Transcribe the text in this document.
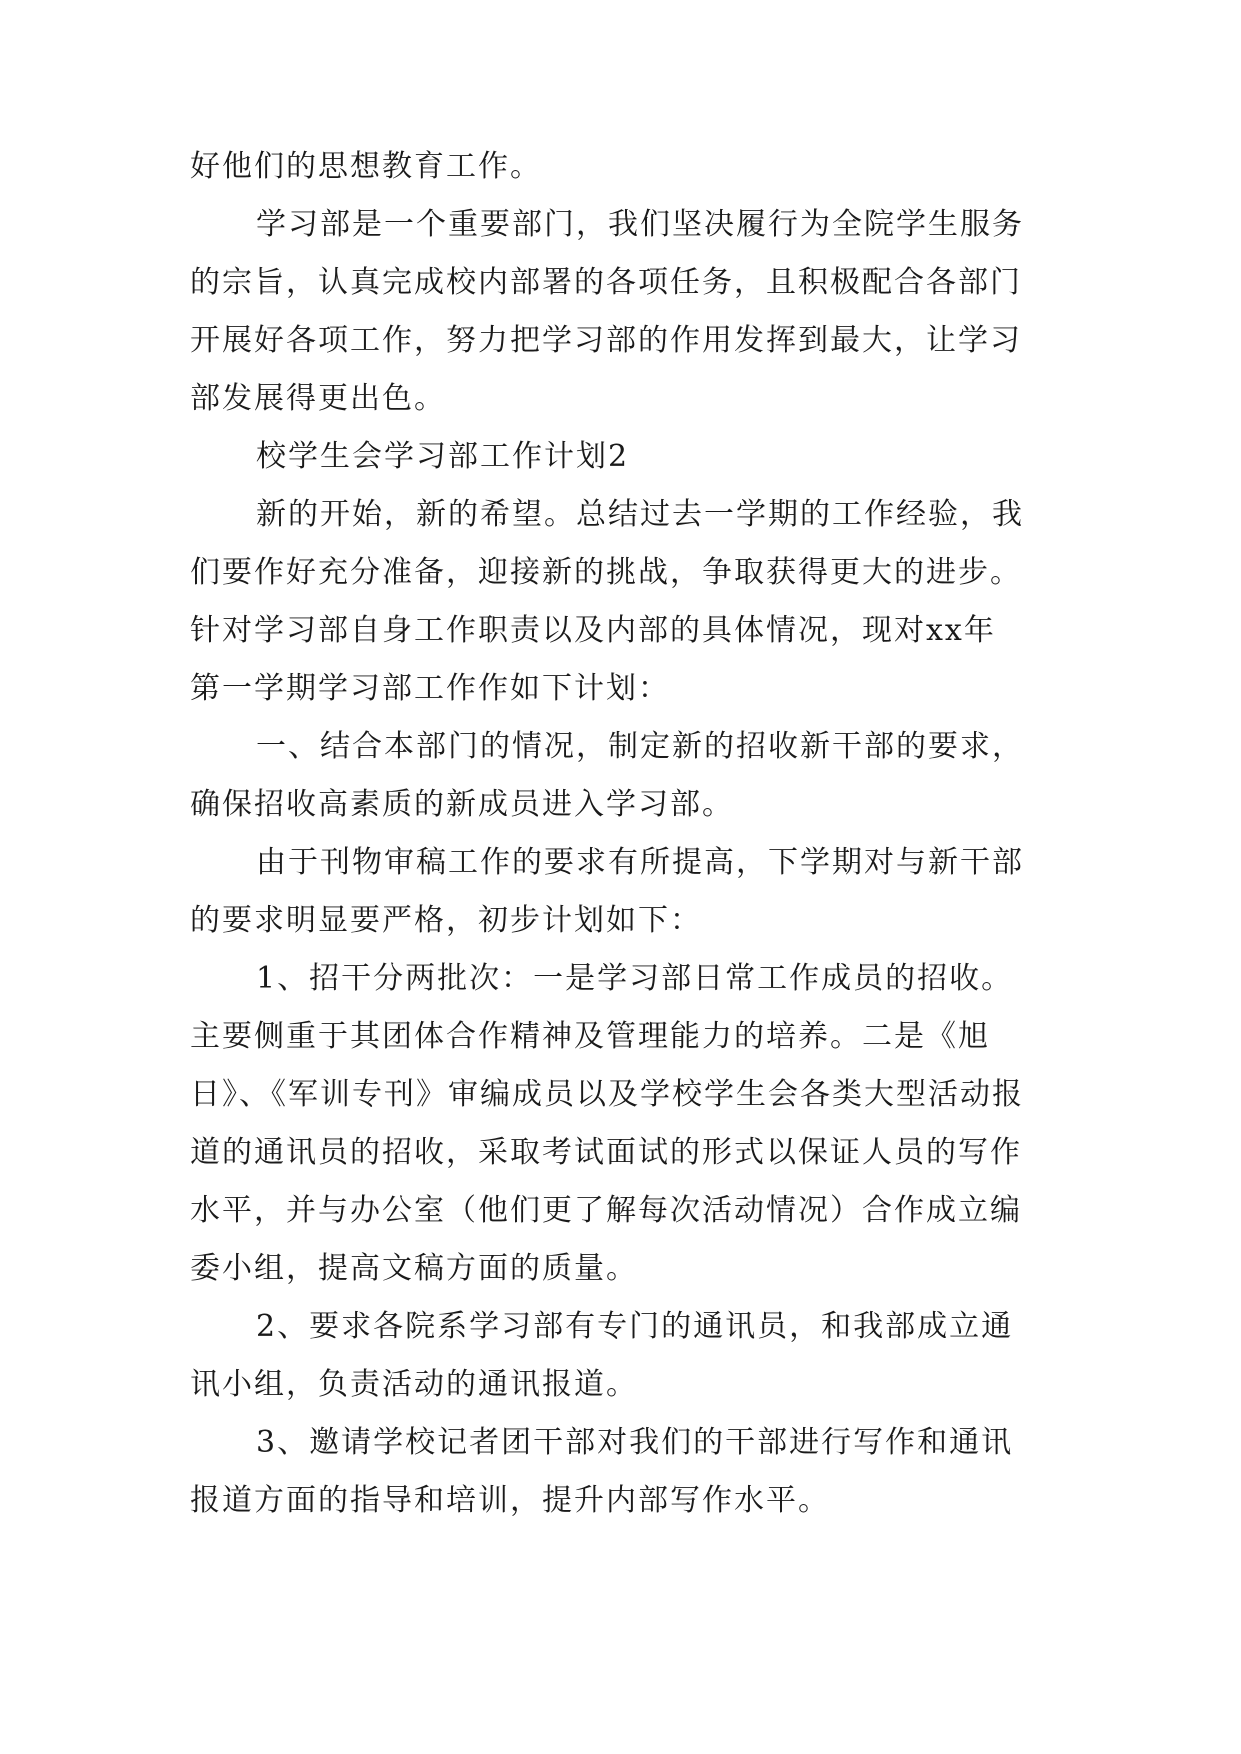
好他们的思想教育工作。
学习部是一个重要部门，我们坚决履行为全院学生服务
的宗旨，认真完成校内部署的各项任务，且积极配合各部门
开展好各项工作，努力把学习部的作用发挥到最大，让学习
部发展得更出色。
校学生会学习部工作计划2
新的开始，新的希望。总结过去一学期的工作经验，我
们要作好充分准备，迎接新的挑战，争取获得更大的进步。
针对学习部自身工作职责以及内部的具体情况，现对xx年
第一学期学习部工作作如下计划：
一、结合本部门的情况，制定新的招收新干部的要求，
确保招收高素质的新成员进入学习部。
由于刊物审稿工作的要求有所提高，下学期对与新干部
的要求明显要严格，初步计划如下：
1、招干分两批次：一是学习部日常工作成员的招收。
主要侧重于其团体合作精神及管理能力的培养。二是《旭
日》、《军训专刊》审编成员以及学校学生会各类大型活动报
道的通讯员的招收，采取考试面试的形式以保证人员的写作
水平，并与办公室（他们更了解每次活动情况）合作成立编
委小组，提高文稿方面的质量。
2、要求各院系学习部有专门的通讯员，和我部成立通
讯小组，负责活动的通讯报道。
3、邀请学校记者团干部对我们的干部进行写作和通讯
报道方面的指导和培训，提升内部写作水平。
